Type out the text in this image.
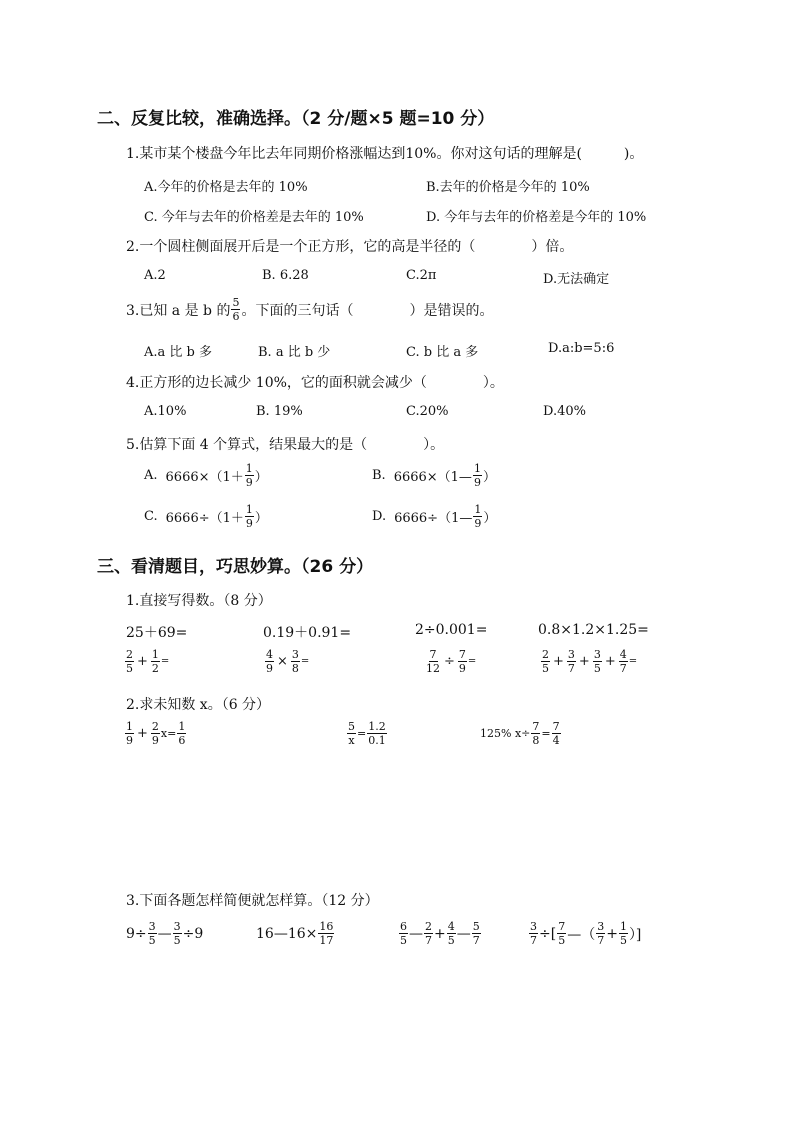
二、反复比较，准确选择。（2 分/题×5 题=10 分）
1.某市某个楼盘今年比去年同期价格涨幅达到10%。你对这句话的理解是(　　　)。
A.今年的价格是去年的 10%	B.去年的价格是今年的 10%
C. 今年与去年的价格差是去年的 10%	D. 今年与去年的价格差是今年的 10%
2.一个圆柱侧面展开后是一个正方形，它的高是半径的（　　　　）倍。
A.2	B. 6.28	C.2π	D.无法确定
3.已知 a 是 b 的 $\frac{5}{6}$ 。下面的三句话（　　　　）是错误的。
A.a 比 b 多	B. a 比 b 少	C. b 比 a 多	D.a:b=5:6
4.正方形的边长减少 10%，它的面积就会减少（　　　　）。
A.10%	B. 19%	C.20%	D.40%
5.估算下面 4 个算式，结果最大的是（　　　　）。
A. $6666\times(1+ \frac{1}{9}$ ）	B. 6666×（1— $\frac{1}{9}$ ）
C. $6666\div(1+ \frac{1}{9}$ ）	D. 6666÷（1— $\frac{1}{9}$ ）
三、看清题目，巧思妙算。（26 分）
1.直接写得数。（8 分）
25＋69=	0.19＋0.91=	2÷0.001=	0.8×1.2×1.25=
$\frac{2}{5} + \frac{1}{2}$ =	$\frac{4}{9} \times \frac{3}{8}$ =	$\frac{7}{12} \div \frac{7}{9}$ =	$\frac{2}{5} + \frac{3}{7} + \frac{3}{5} + \frac{4}{7}$ =
2.求未知数 x。（6 分）
$\frac{1}{9} + \frac{2}{9} x= \frac{1}{6}$	$\frac{5}{x} = \frac{1.2}{0.1}$	125% $x\div \frac{7}{8} = \frac{7}{4}$
3.下面各题怎样简便就怎样算。（12 分）
$9\div \frac{3}{5}$ — $\frac{3}{5} \div 9$	16—16× $\frac{16}{17}$	$\frac{6}{5}$ — $\frac{2}{7} + \frac{4}{5}$ — $\frac{5}{7}$	$\frac{3}{7}$ ÷[ $\frac{7}{5}$ —（ $\frac{3}{7} + \frac{1}{5}$ ）]
